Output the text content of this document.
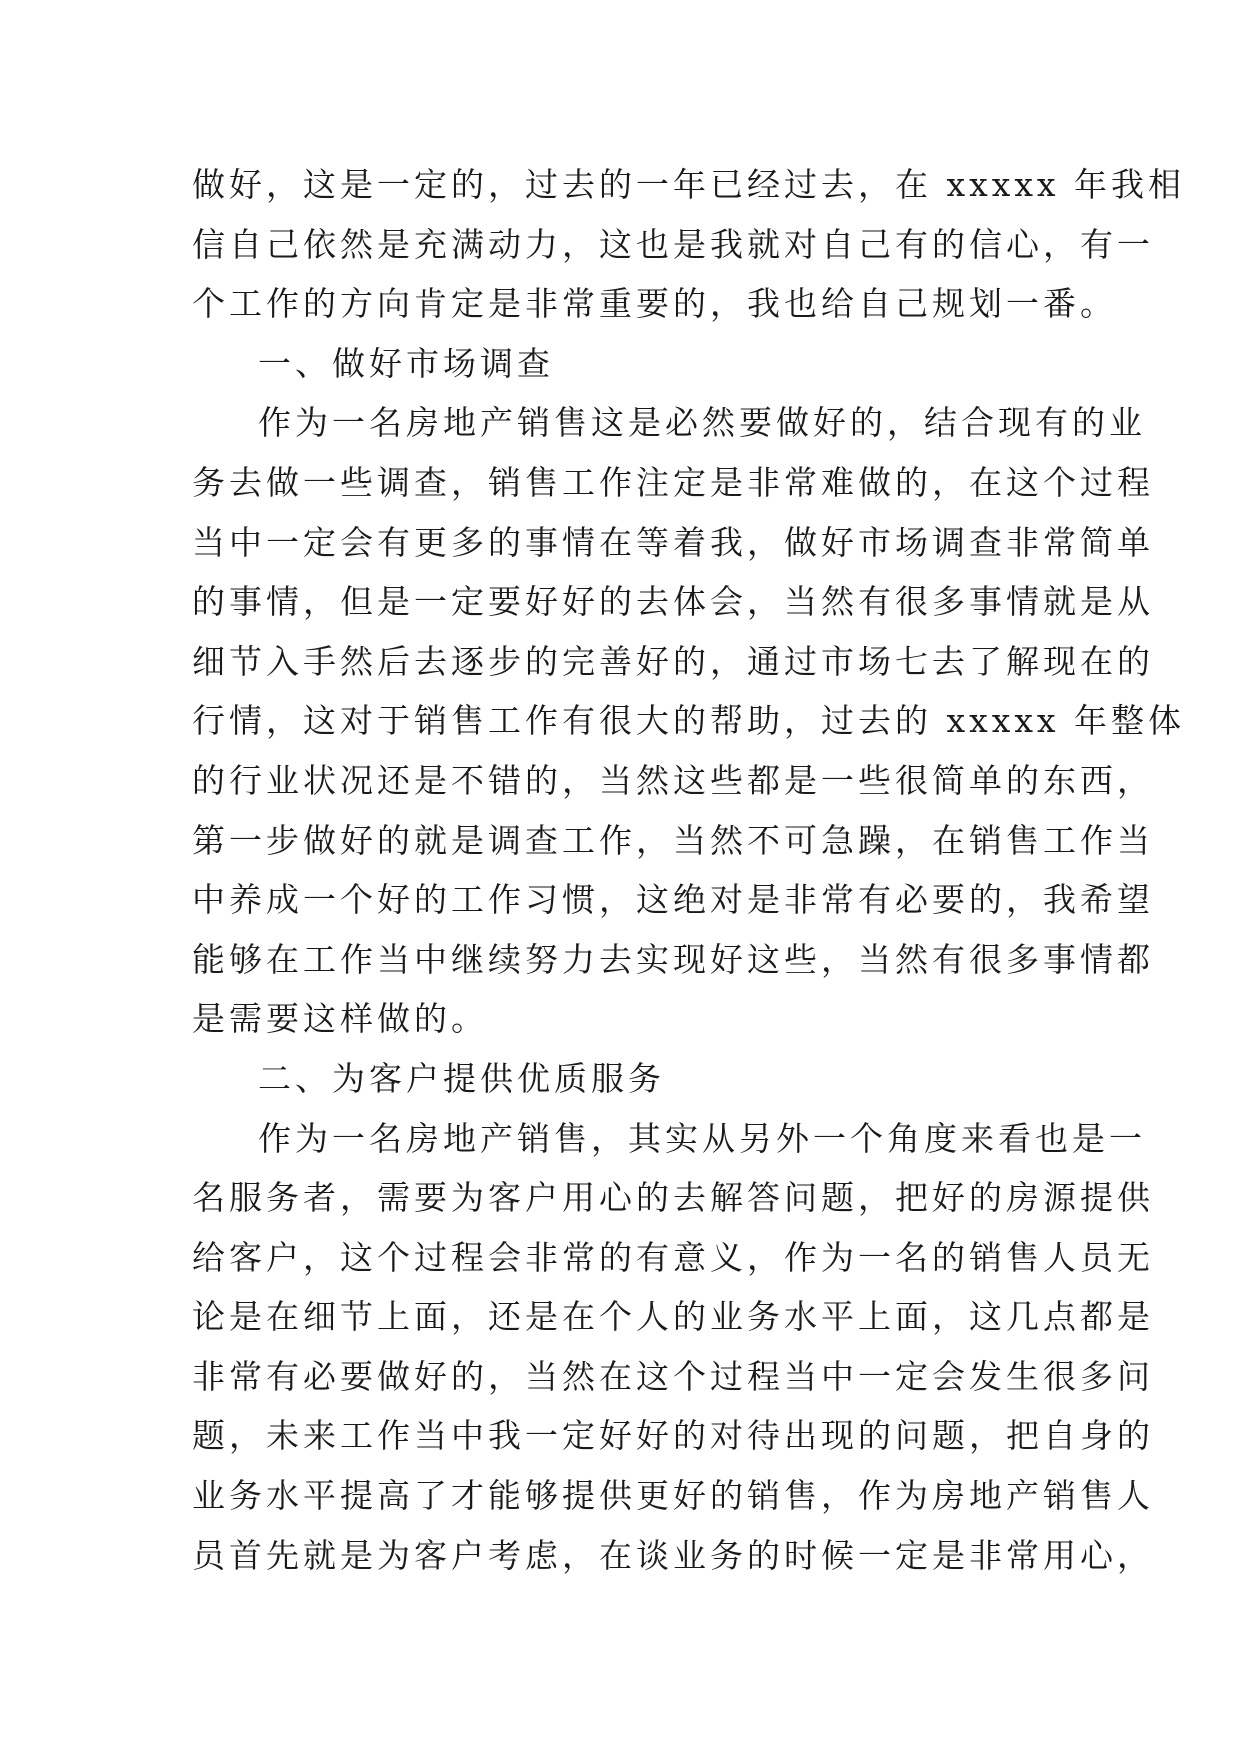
做好，这是一定的，过去的一年已经过去，在 xxxxx 年我相
信自己依然是充满动力，这也是我就对自己有的信心，有一
个工作的方向肯定是非常重要的，我也给自己规划一番。
一、做好市场调查
作为一名房地产销售这是必然要做好的，结合现有的业
务去做一些调查，销售工作注定是非常难做的，在这个过程
当中一定会有更多的事情在等着我，做好市场调查非常简单
的事情，但是一定要好好的去体会，当然有很多事情就是从
细节入手然后去逐步的完善好的，通过市场七去了解现在的
行情，这对于销售工作有很大的帮助，过去的 xxxxx 年整体
的行业状况还是不错的，当然这些都是一些很简单的东西，
第一步做好的就是调查工作，当然不可急躁，在销售工作当
中养成一个好的工作习惯，这绝对是非常有必要的，我希望
能够在工作当中继续努力去实现好这些，当然有很多事情都
是需要这样做的。
二、为客户提供优质服务
作为一名房地产销售，其实从另外一个角度来看也是一
名服务者，需要为客户用心的去解答问题，把好的房源提供
给客户，这个过程会非常的有意义，作为一名的销售人员无
论是在细节上面，还是在个人的业务水平上面，这几点都是
非常有必要做好的，当然在这个过程当中一定会发生很多问
题，未来工作当中我一定好好的对待出现的问题，把自身的
业务水平提高了才能够提供更好的销售，作为房地产销售人
员首先就是为客户考虑，在谈业务的时候一定是非常用心，
